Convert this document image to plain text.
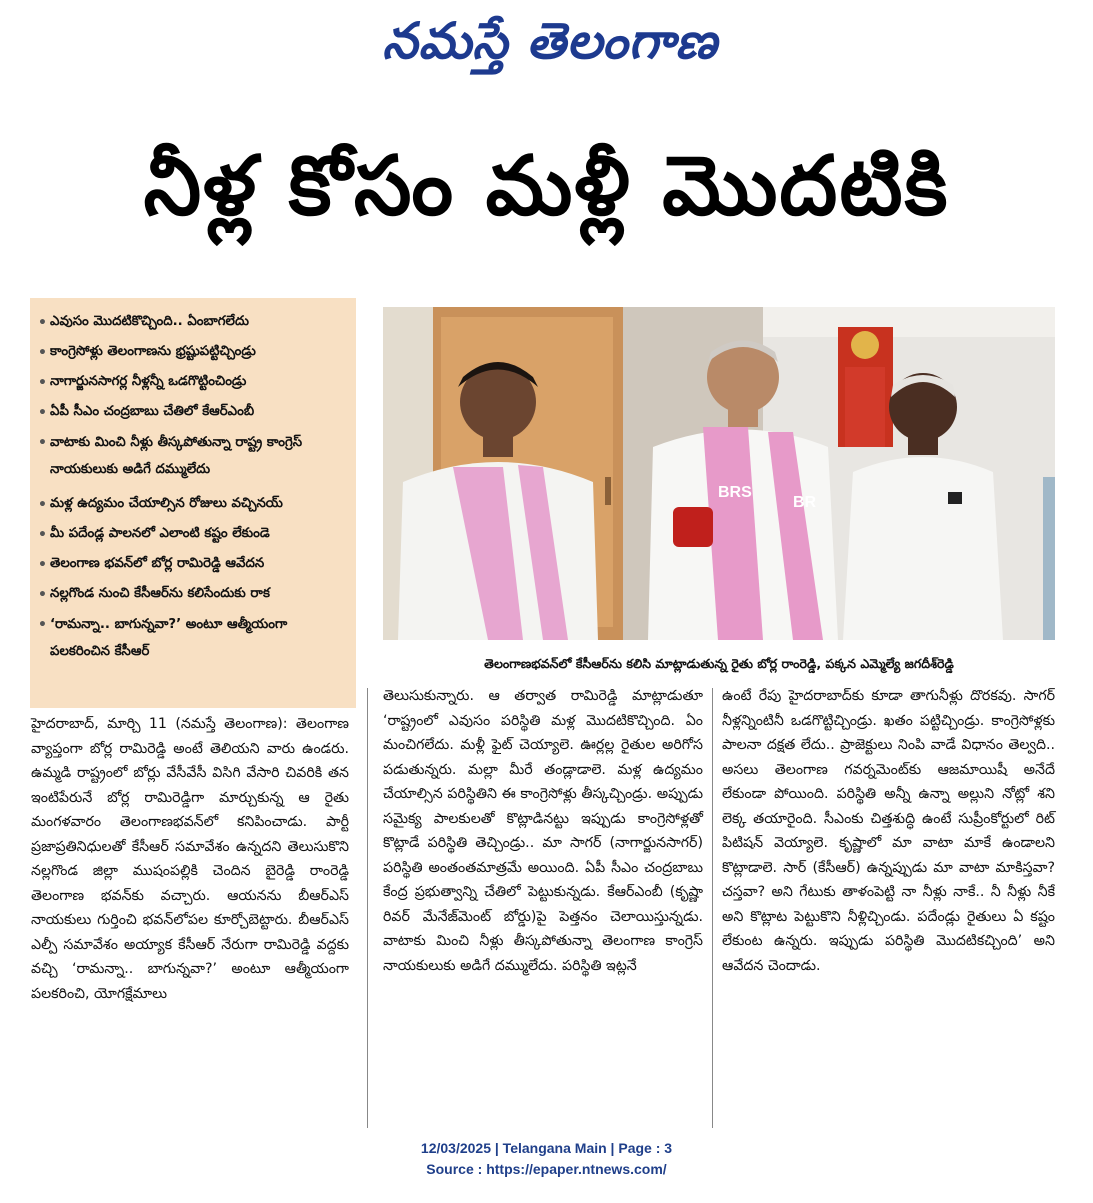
నమస్తే తెలంగాణ
నీళ్ల కోసం మళ్లీ మొదటికి
• ఎవుసం మొదటికొచ్చింది.. ఏంబాగలేదు
• కాంగ్రెసోళ్లు తెలంగాణను భ్రష్టుపట్టిచ్చిండ్రు
• నాగార్జునసాగర్ల నీళ్లన్నీ ఒడగొట్టించిండ్రు
• ఏపీ సీఎం చంద్రబాబు చేతిలో కేఆర్ఎంబీ
• వాటాకు మించి నీళ్లు తీస్కపోతున్నా రాష్ట్ర కాంగ్రెస్ నాయకులుకు అడిగే దమ్ములేదు
• మళ్ల ఉద్యమం చేయాల్సిన రోజులు వచ్చినయ్
• మీ పదేండ్ల పాలనలో ఎలాంటి కష్టం లేకుండె
• తెలంగాణ భవన్‌లో బోర్ల రామిరెడ్డి ఆవేదన
• నల్లగొండ నుంచి కేసీఆర్‌ను కలిసేందుకు రాక
• ‘రామన్నా.. బాగున్నవా?’ అంటూ ఆత్మీయంగా పలకరించిన కేసీఆర్
BRS
BR
తెలంగాణభవన్‌లో కేసీఆర్‌ను కలిసి మాట్లాడుతున్న రైతు బోర్ల రాంరెడ్డి, పక్కన ఎమ్మెల్యే జగదీశ్‌రెడ్డి
హైదరాబాద్, మార్చి 11 (నమస్తే తెలంగాణ): తెలంగాణ వ్యాప్తంగా బోర్ల రామిరెడ్డి అంటే తెలియని వారు ఉండరు. ఉమ్మడి రాష్ట్రంలో బోర్లు వేసీవేసీ విసిగి వేసారి చివరికి తన ఇంటిపేరునే బోర్ల రామిరెడ్డిగా మార్చుకున్న ఆ రైతు మంగళవారం తెలంగాణభవన్‌లో కనిపించాడు. పార్టీ ప్రజాప్రతినిధులతో కేసీఆర్ సమావేశం ఉన్నదని తెలుసుకొని నల్లగొండ జిల్లా ముషంపల్లికి చెందిన బైరెడ్డి రాంరెడ్డి తెలంగాణ భవన్‌కు వచ్చారు. ఆయనను బీఆర్ఎస్ నాయకులు గుర్తించి భవన్‌లోపల కూర్చోబెట్టారు. బీఆర్ఎస్ ఎల్పీ సమావేశం అయ్యాక కేసీఆర్ నేరుగా రామిరెడ్డి వద్దకు వచ్చి ‘రామన్నా.. బాగున్నవా?’ అంటూ ఆత్మీయంగా పలకరించి, యోగక్షేమాలు
తెలుసుకున్నారు. ఆ తర్వాత రామిరెడ్డి మాట్లాడుతూ ‘రాష్ట్రంలో ఎవుసం పరిస్థితి మళ్ల మొదటికొచ్చింది. ఏం మంచిగలేదు. మళ్లీ ఫైట్ చెయ్యాలె. ఊర్లల్ల రైతుల అరిగోస పడుతున్నరు. మల్లా మీరే తండ్లాడాలె. మళ్ల ఉద్యమం చేయాల్సిన పరిస్థితిని ఈ కాంగ్రెసోళ్లు తీస్కచ్చిండ్రు. అప్పుడు సమైక్య పాలకులతో కొట్లాడినట్టు ఇప్పుడు కాంగ్రెసోళ్లతో కొట్లాడే పరిస్థితి తెచ్చిండ్రు.. మా సాగర్ (నాగార్జునసాగర్) పరిస్థితి అంతంతమాత్రమే అయింది. ఏపీ సీఎం చంద్రబాబు కేంద్ర ప్రభుత్వాన్ని చేతిలో పెట్టుకున్నడు. కేఆర్ఎంబీ (కృష్ణా రివర్ మేనేజ్‌మెంట్ బోర్డు)పై పెత్తనం చెలాయిస్తున్నడు. వాటాకు మించి నీళ్లు తీస్కపోతున్నా తెలంగాణ కాంగ్రెస్ నాయకులుకు అడిగే దమ్ములేదు. పరిస్థితి ఇట్లనే
ఉంటే రేపు హైదరాబాద్‌కు కూడా తాగునీళ్లు దొరకవు. సాగర్ నీళ్లన్నింటినీ ఒడగొట్టిచ్చిండ్రు. ఖతం పట్టిచ్చిండ్రు. కాంగ్రెసోళ్లకు పాలనా దక్షత లేదు.. ప్రాజెక్టులు నింపి వాడే విధానం తెల్వది.. అసలు తెలంగాణ గవర్నమెంట్‌కు ఆజమాయిషీ అనేదే లేకుండా పోయింది. పరిస్థితి అన్నీ ఉన్నా అల్లుని నోట్లో శని లెక్క తయారైంది. సీఎంకు చిత్తశుద్ధి ఉంటే సుప్రీంకోర్టులో రిట్ పిటిషన్ వెయ్యాలె. కృష్ణాలో మా వాటా మాకే ఉండాలని కొట్లాడాలె. సార్ (కేసీఆర్) ఉన్నప్పుడు మా వాటా మాకిస్తవా? చస్తవా? అని గేటుకు తాళంపెట్టి నా నీళ్లు నాకే.. నీ నీళ్లు నీకే అని కొట్లాట పెట్టుకొని నీళ్లిచ్చిండు. పదేండ్లు రైతులు ఏ కష్టం లేకుంట ఉన్నరు. ఇప్పుడు పరిస్థితి మొదటికచ్చింది’ అని ఆవేదన చెందాడు.
12/03/2025 | Telangana Main | Page : 3
Source : https://epaper.ntnews.com/
